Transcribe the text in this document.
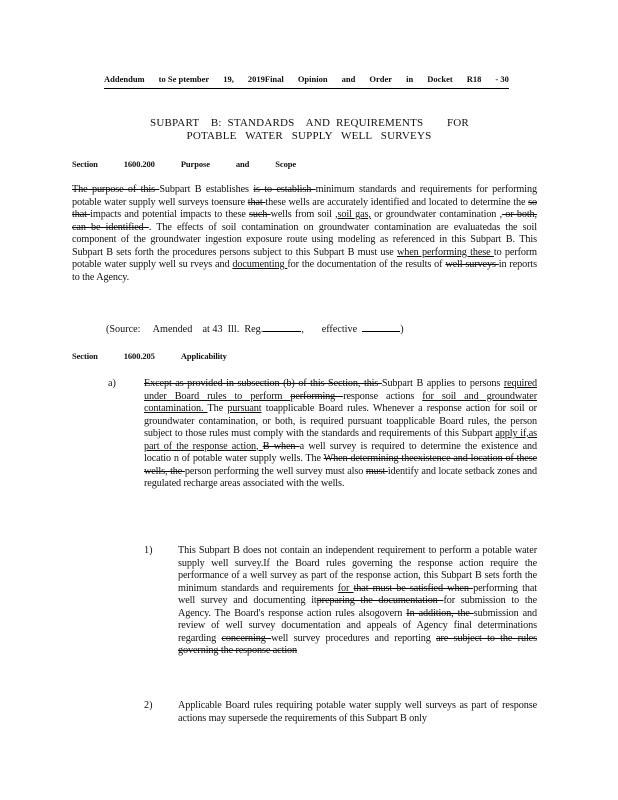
Addendum to Se ptember 19, 2019Final Opinion and Order in Docket R18 - 30
SUBPART    B:  STANDARDS    AND  REQUIREMENTS        FOR
POTABLE   WATER   SUPPLY   WELL   SURVEYS
Section	1600.200	Purpose	and	Scope
The purpose of this Subpart B establishes is to establish minimum standards and requirements for performing potable water supply well surveys toensure that these wells are accurately identified and located to determine the so that impacts and potential impacts to these such wells from soil ,soil gas, or groundwater contamination , or both, can be identified . The effects of soil contamination on groundwater contamination are evaluatedas the soil component of the groundwater ingestion exposure route using modeling as referenced in this Subpart B. This Subpart B sets forth the procedures persons subject to this Subpart B must use when performing these to perform potable water supply well su rveys and documenting for the documentation of the results of well surveys in reports to the Agency.
(Source:     Amended    at 43  Ill.  Reg.	,       effective	)
Section	1600.205	Applicability
a)	Except as provided in subsection (b) of this Section, this Subpart B applies to persons required under Board rules to perform performing response actions for soil and groundwater contamination. The pursuant toapplicable Board rules. Whenever a response action for soil or groundwater contamination, or both, is required pursuant toapplicable Board rules, the person subject to those rules must comply with the standards and requirements of this Subpart apply if,as part of the response action, B when a well survey is required to determine the existence and locatio n of potable water supply wells. The When determining theexistence and location of these wells, the person performing the well survey must also must identify and locate setback zones and regulated recharge areas associated with the wells.
1)	This Subpart B does not contain an independent requirement to perform a potable water supply well survey.If the Board rules governing the response action require the performance of a well survey as part of the response action, this Subpart B sets forth the minimum standards and requirements for that must be satisfied when performing that well survey and documenting itpreparing the documentation for submission to the Agency. The Board's response action rules alsogovern In addition, the submission and review of well survey documentation and appeals of Agency final determinations regarding concerning well survey procedures and reporting are subject to the rules governing the response action
2)	Applicable Board rules requiring potable water supply well surveys as part of response actions may supersede the requirements of this Subpart B only
